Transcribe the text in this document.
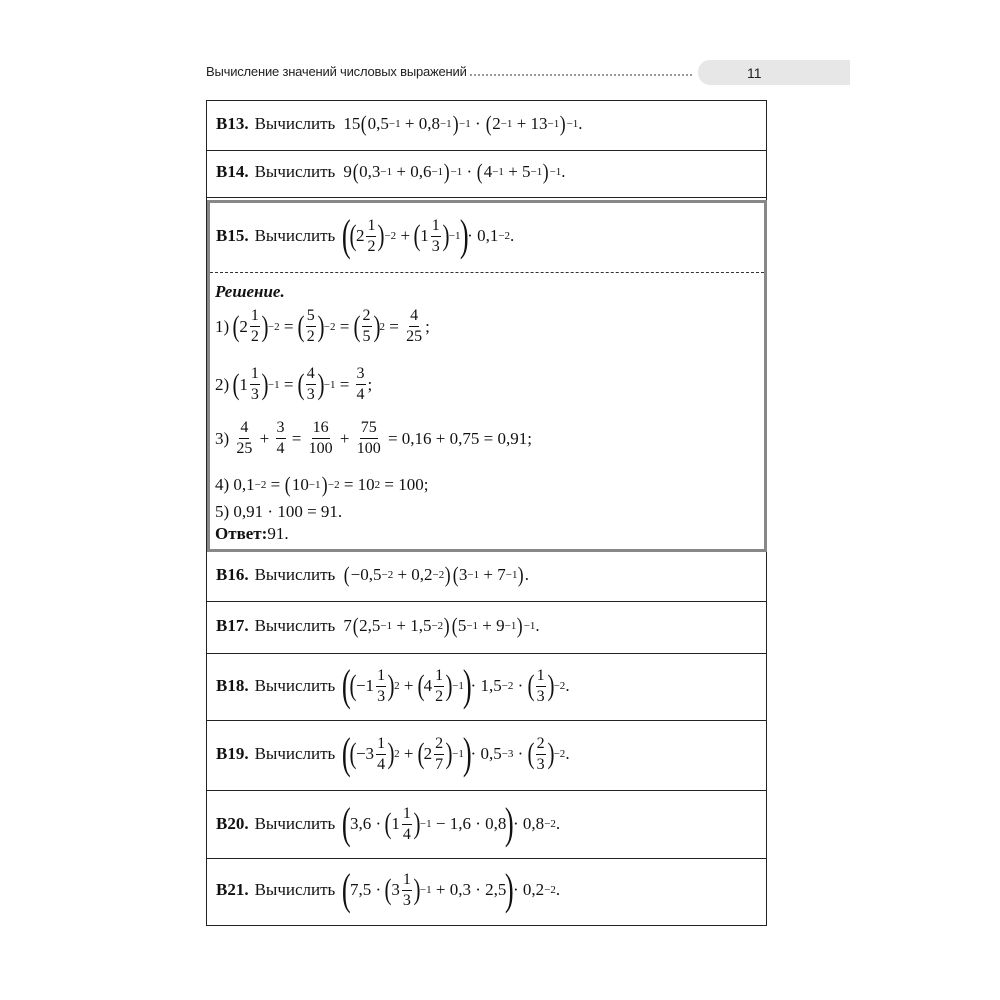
Вычисление значений числовых выражений	11
B13. Вычислить 15 ( 0,5 −1 + 0,8 −1 ) −1 · ( 2 −1 + 13 −1 ) −1 .
B14. Вычислить 9 ( 0,3 −1 + 0,6 −1 ) −1 · ( 4 −1 + 5 −1 ) −1 .
B15. Вычислить (
( 2
1
2 ) −2 + ( 1
1
3 ) −1
)
· 0,1 −2 .
Решение.
1) ( 2
1
2 ) −2 = ( 5
2 ) −2 = ( 2
5 ) 2 =
4
25
;
2) ( 1
1
3 ) −1 = ( 4
3 ) −1 =
3
4
;
3)
4
25
+
3
4
=
16
100
+
75
100
= 0,16 + 0,75 = 0,91;
4) 0,1 −2 = ( 10 −1 ) −2 = 10 2 = 100;
5) 0,91 · 100 = 91.
Ответ: 91.
B16. Вычислить ( −0,5 −2 + 0,2 −2 ) ( 3 −1 + 7 −1 ) .
B17. Вычислить 7 ( 2,5 −1 + 1,5 −2 ) ( 5 −1 + 9 −1 ) −1 .
B18. Вычислить (
( −1
1
3 ) 2 + ( 4
1
2 ) −1
)
· 1,5 −2 · ( 1
3 ) −2 .
B19. Вычислить (
( −3
1
4 ) 2 + ( 2
2
7 ) −1
)
· 0,5 −3 · ( 2
3 ) −2 .
B20. Вычислить (
3,6 · ( 1
1
4 ) −1 − 1,6 · 0,8
)
· 0,8 −2 .
B21. Вычислить (
7,5 · ( 3
1
3 ) −1 + 0,3 · 2,5
)
· 0,2 −2 .
